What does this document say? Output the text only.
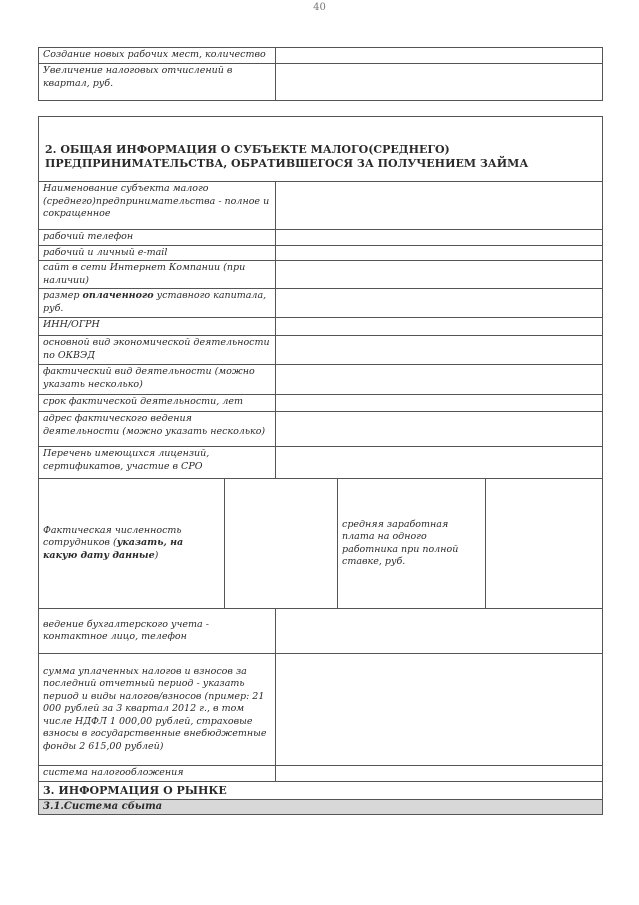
40
Создание новых рабочих мест, количество	
Увеличение налоговых отчислений в квартал, руб.	
2. ОБЩАЯ ИНФОРМАЦИЯ О СУБЪЕКТЕ МАЛОГО(СРЕДНЕГО) ПРЕДПРИНИМАТЕЛЬСТВА, ОБРАТИВШЕГОСЯ ЗА ПОЛУЧЕНИЕМ ЗАЙМА				
Наименование субъекта малого (среднего)предпринимательства - полное и сокращенное				
рабочий телефон				
рабочий и личный e-mail				
сайт в сети Интернет Компании (при наличии)				
размер оплаченного уставного капитала, руб.				
ИНН/ОГРН				
основной вид экономической деятельности по ОКВЭД				
фактический вид деятельности (можно указать несколько)				
срок фактической деятельности, лет				
адрес фактического ведения деятельности (можно указать несколько)				
Перечень имеющихся лицензий, сертификатов, участие в СРО				
Фактическая численность сотрудников (указать, на какую дату данные)			средняя заработная плата на одного работника при полной ставке, руб.	
ведение бухгалтерского учета - контактное лицо, телефон				
сумма уплаченных налогов и взносов за последний отчетный период - указать период и виды налогов/взносов (пример: 21 000 рублей за 3 квартал 2012 г., в том числе НДФЛ 1 000,00 рублей, страховые взносы в государственные внебюджетные фонды 2 615,00 рублей)				
система налогообложения				
3. ИНФОРМАЦИЯ О РЫНКЕ				
3.1.Система сбыта				
